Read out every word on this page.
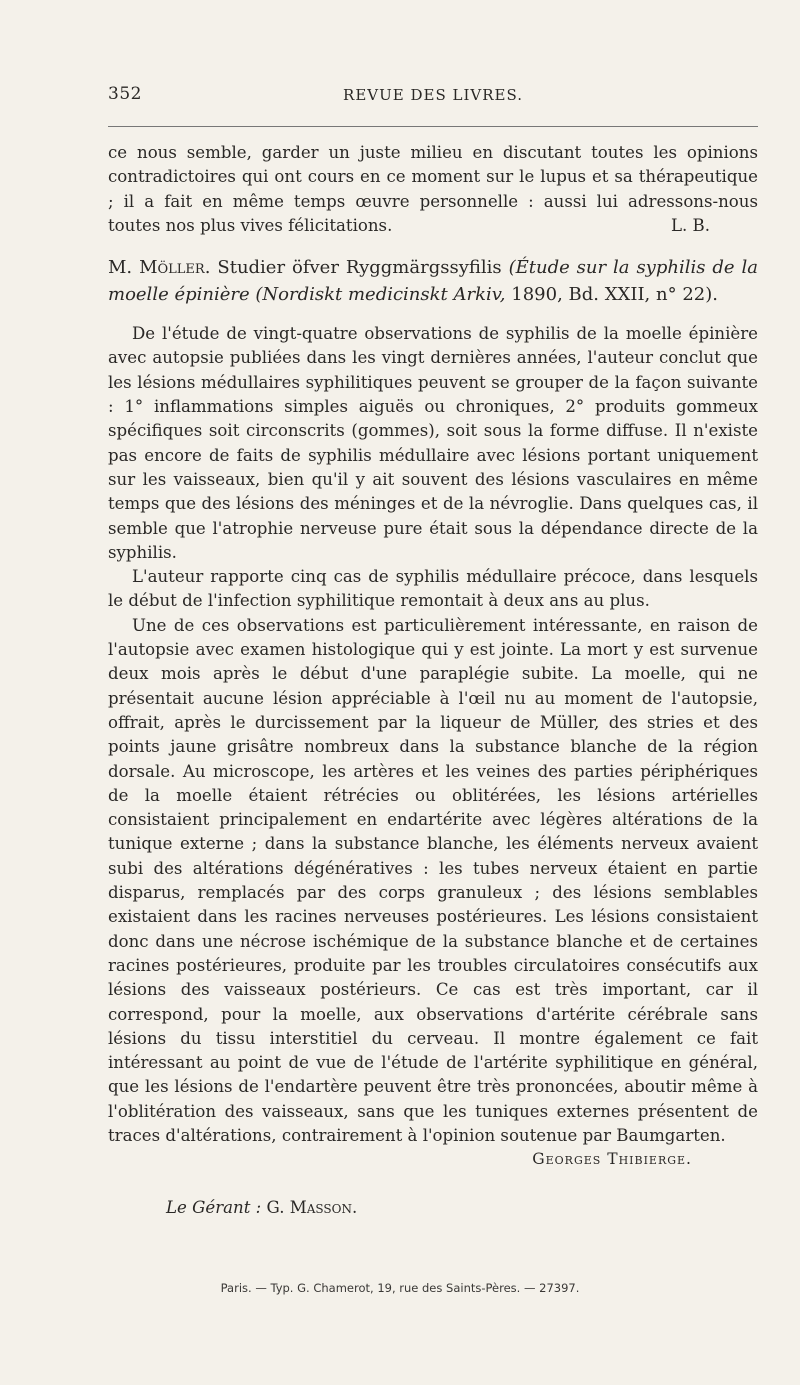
352	REVUE DES LIVRES.

ce nous semble, garder un juste milieu en discutant toutes les opinions contradictoires qui ont cours en ce moment sur le lupus et sa thérapeutique ; il a fait en même temps œuvre personnelle : aussi lui adressons-nous toutes nos plus vives félicitations.	L. B.

M. Möller. Studier öfver Ryggmärgssyfilis (Étude sur la syphilis de la moelle épinière (Nordiskt medicinskt Arkiv, 1890, Bd. XXII, n° 22).

De l'étude de vingt-quatre observations de syphilis de la moelle épinière avec autopsie publiées dans les vingt dernières années, l'auteur conclut que les lésions médullaires syphilitiques peuvent se grouper de la façon suivante : 1° inflammations simples aiguës ou chroniques, 2° produits gommeux spécifiques soit circonscrits (gommes), soit sous la forme diffuse. Il n'existe pas encore de faits de syphilis médullaire avec lésions portant uniquement sur les vaisseaux, bien qu'il y ait souvent des lésions vasculaires en même temps que des lésions des méninges et de la névroglie. Dans quelques cas, il semble que l'atrophie nerveuse pure était sous la dépendance directe de la syphilis.

L'auteur rapporte cinq cas de syphilis médullaire précoce, dans lesquels le début de l'infection syphilitique remontait à deux ans au plus.

Une de ces observations est particulièrement intéressante, en raison de l'autopsie avec examen histologique qui y est jointe. La mort y est survenue deux mois après le début d'une paraplégie subite. La moelle, qui ne présentait aucune lésion appréciable à l'œil nu au moment de l'autopsie, offrait, après le durcissement par la liqueur de Müller, des stries et des points jaune grisâtre nombreux dans la substance blanche de la région dorsale. Au microscope, les artères et les veines des parties périphériques de la moelle étaient rétrécies ou oblitérées, les lésions artérielles consistaient principalement en endartérite avec légères altérations de la tunique externe ; dans la substance blanche, les éléments nerveux avaient subi des altérations dégénératives : les tubes nerveux étaient en partie disparus, remplacés par des corps granuleux ; des lésions semblables existaient dans les racines nerveuses postérieures. Les lésions consistaient donc dans une nécrose ischémique de la substance blanche et de certaines racines postérieures, produite par les troubles circulatoires consécutifs aux lésions des vaisseaux postérieurs. Ce cas est très important, car il correspond, pour la moelle, aux observations d'artérite cérébrale sans lésions du tissu interstitiel du cerveau. Il montre également ce fait intéressant au point de vue de l'étude de l'artérite syphilitique en général, que les lésions de l'endartère peuvent être très prononcées, aboutir même à l'oblitération des vaisseaux, sans que les tuniques externes présentent de traces d'altérations, contrairement à l'opinion soutenue par Baumgarten.

Georges Thibierge.
Le Gérant : G. Masson.
Paris. — Typ. G. Chamerot, 19, rue des Saints-Pères. — 27397.
